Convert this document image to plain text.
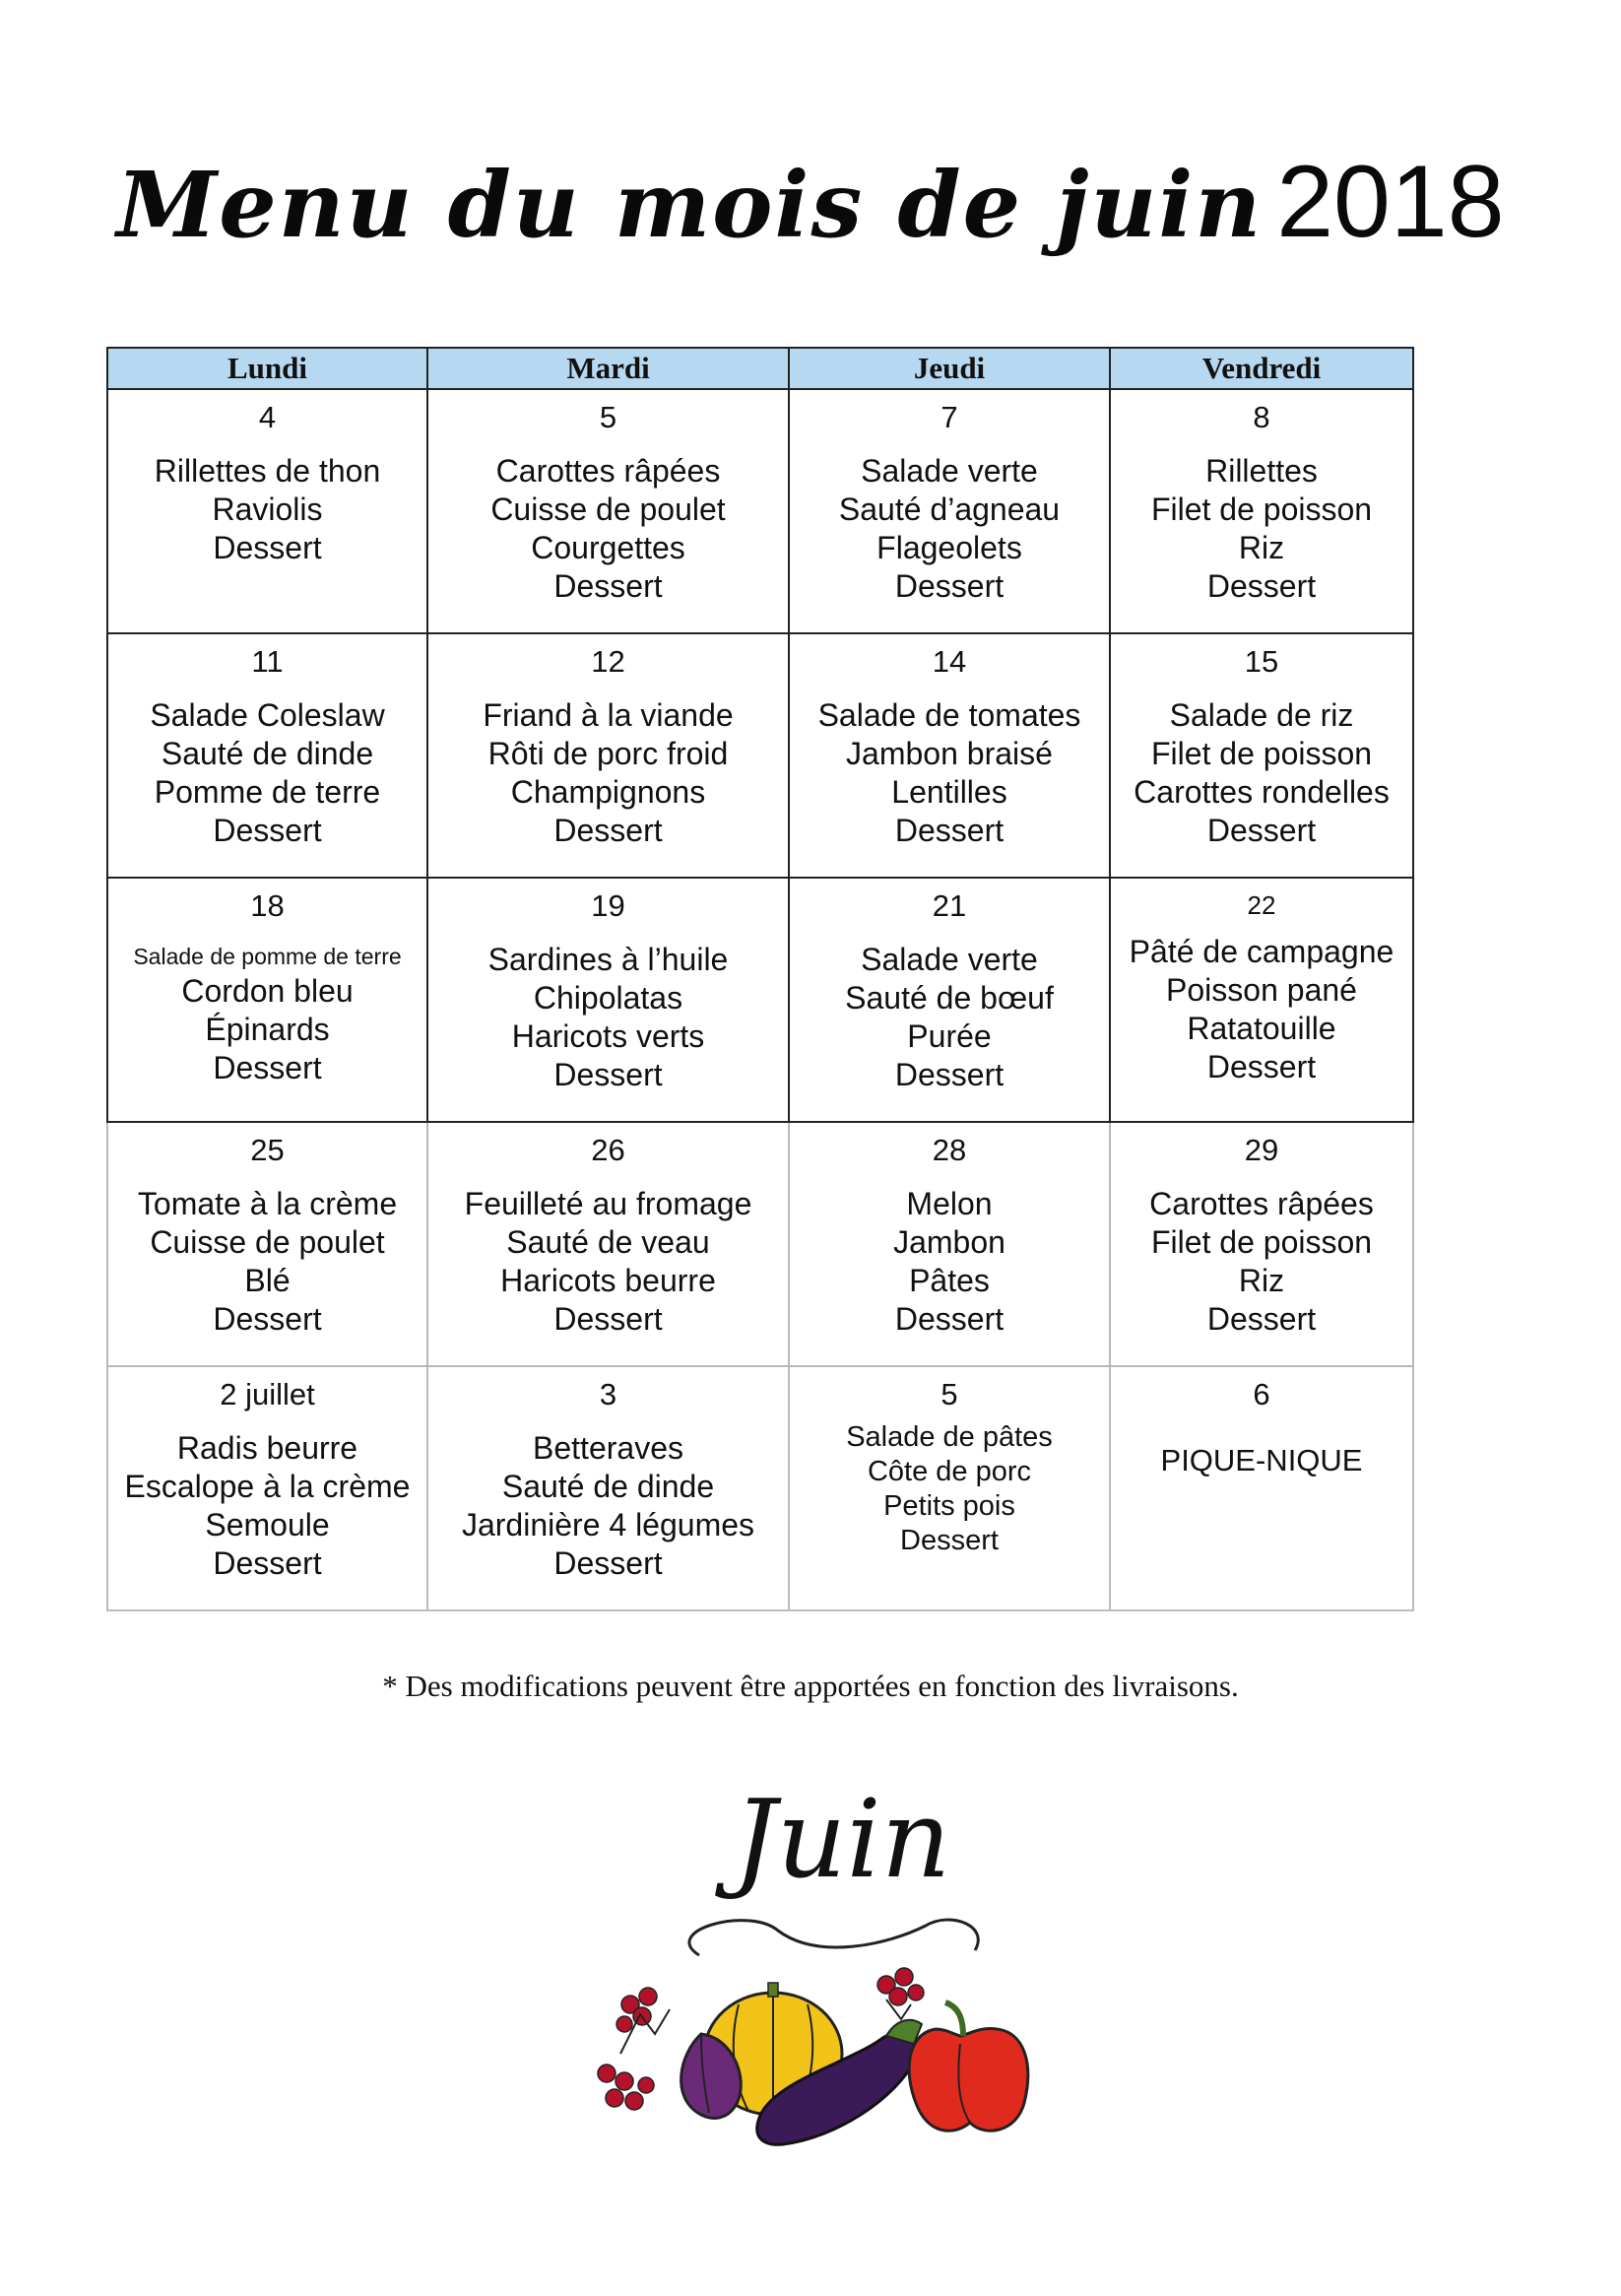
Menu du mois de juin 2018
Lundi	Mardi	Jeudi	Vendredi

4
Rillettes de thon
Raviolis
Dessert	5
Carottes râpées
Cuisse de poulet
Courgettes
Dessert	7
Salade verte
Sauté d’agneau
Flageolets
Dessert	8
Rillettes
Filet de poisson
Riz
Dessert

11
Salade Coleslaw
Sauté de dinde
Pomme de terre
Dessert	12
Friand à la viande
Rôti de porc froid
Champignons
Dessert	14
Salade de tomates
Jambon braisé
Lentilles
Dessert	15
Salade de riz
Filet de poisson
Carottes rondelles
Dessert

18
Salade de pomme de terre
Cordon bleu
Épinards
Dessert	19
Sardines à l’huile
Chipolatas
Haricots verts
Dessert	21
Salade verte
Sauté de bœuf
Purée
Dessert	22
Pâté de campagne
Poisson pané
Ratatouille
Dessert

25
Tomate à la crème
Cuisse de poulet
Blé
Dessert	26
Feuilleté au fromage
Sauté de veau
Haricots beurre
Dessert	28
Melon
Jambon
Pâtes
Dessert	29
Carottes râpées
Filet de poisson
Riz
Dessert

2 juillet
Radis beurre
Escalope à la crème
Semoule
Dessert	3
Betteraves
Sauté de dinde
Jardinière 4 légumes
Dessert	5
Salade de pâtes
Côte de porc
Petits pois
Dessert	6
PIQUE-NIQUE
* Des modifications peuvent être apportées en fonction des livraisons.
Juin
